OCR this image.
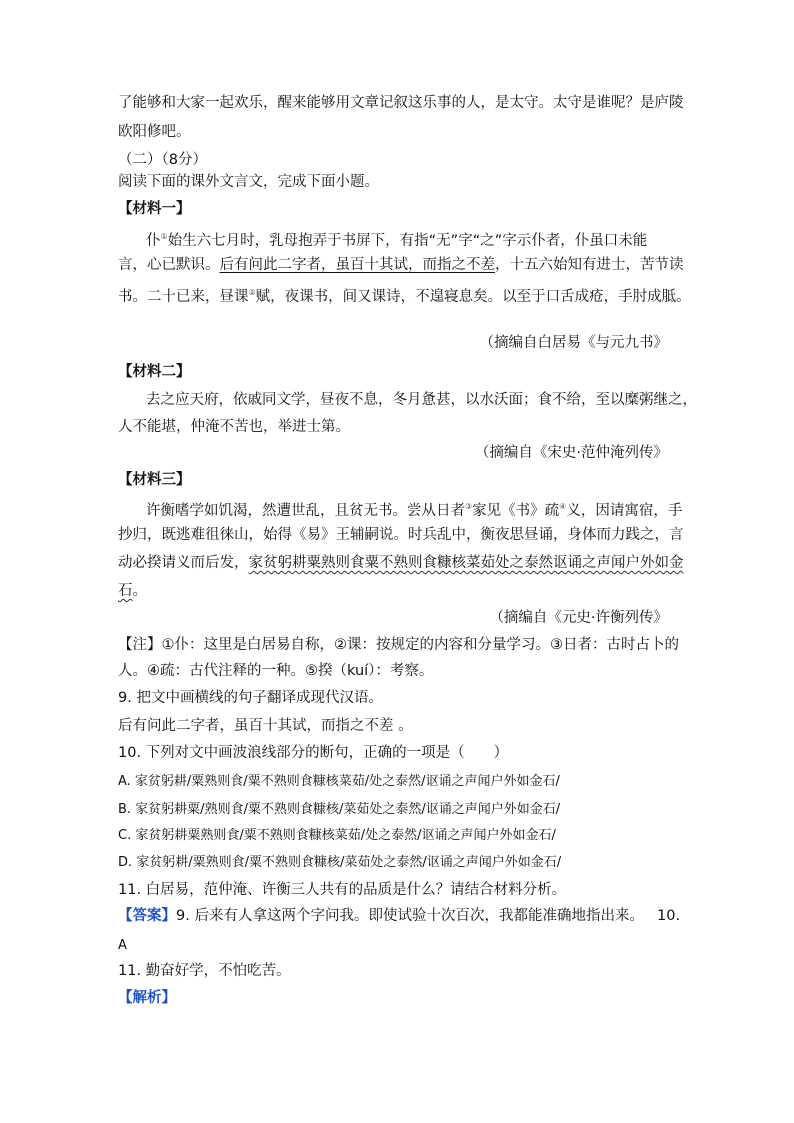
了能够和大家一起欢乐，醒来能够用文章记叙这乐事的人，是太守。太守是谁呢？是庐陵
欧阳修吧。
（二）（8分）
阅读下面的课外文言文，完成下面小题。
【材料一】
仆①始生六七月时，乳母抱弄于书屏下，有指“无”字“之”字示仆者，仆虽口未能
言，心已默识。后有问此二字者，虽百十其试，而指之不差，十五六始知有进士，苦节读
书。二十已来，昼课②赋，夜课书，间又课诗，不遑寝息矣。以至于口舌成疮，手肘成胝。
（摘编自白居易《与元九书》
【材料二】
去之应天府，依戚同文学，昼夜不息，冬月惫甚，以水沃面；食不给，至以糜粥继之，
人不能堪，仲淹不苦也，举进士第。
（摘编自《宋史·范仲淹列传》
【材料三】
许衡嗜学如饥渴，然遭世乱，且贫无书。尝从日者③家见《书》疏④义，因请寓宿，手
抄归，既逃难徂徕山，始得《易》王辅嗣说。时兵乱中，衡夜思昼诵，身体而力践之，言
动必揆请义而后发，家贫躬耕粟熟则食粟不熟则食糠核菜茹处之泰然讴诵之声闻户外如金
石。
（摘编自《元史·许衡列传》
【注】①仆：这里是白居易自称，②课：按规定的内容和分量学习。③日者：古时占卜的
人。④疏：古代注释的一种。⑤揆（kuí）：考察。
9. 把文中画横线的句子翻译成现代汉语。
后有问此二字者，虽百十其试，而指之不差 。
10. 下列对文中画波浪线部分的断句，正确的一项是（　　）
A. 家贫躬耕/粟熟则食/粟不熟则食糠核菜茹/处之泰然/讴诵之声闻户外如金石/
B. 家贫躬耕粟/熟则食/粟不熟则食糠核/菜茹处之泰然/讴诵之声闻户外如金石/
C. 家贫躬耕粟熟则食/粟不熟则食糠核菜茹/处之泰然/讴诵之声闻户外如金石/
D. 家贫躬耕/粟熟则食/粟不熟则食糠核/菜茹处之泰然/讴诵之声闻户外如金石/
11. 白居易，范仲淹、许衡三人共有的品质是什么？请结合材料分析。
【答案】9. 后来有人拿这两个字问我。即使试验十次百次，我都能准确地指出来。 10.
A
11. 勤奋好学，不怕吃苦。
【解析】
